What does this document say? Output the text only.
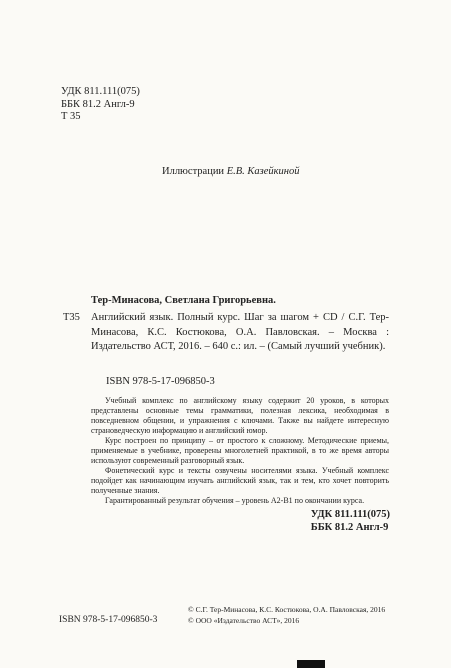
УДК 811.111(075)
ББК 81.2 Англ-9
Т 35
Иллюстрации Е.В. Казейкиной
Тер-Минасова, Светлана Григорьевна.
Т35 Английский язык. Полный курс. Шаг за шагом + CD / С.Г. Тер-Минасова, К.С. Костюкова, О.А. Павловская. – Москва : Издательство АСТ, 2016. – 640 с.: ил. – (Самый лучший учебник).
ISBN 978-5-17-096850-3

Учебный комплекс по английскому языку содержит 20 уроков, в которых представлены основные темы грамматики, полезная лексика, необходимая в повседневном общении, и упражнения с ключами. Также вы найдете интересную страноведческую информацию и английский юмор.

Курс построен по принципу – от простого к сложному. Методические приемы, применяемые в учебнике, проверены многолетней практикой, в то же время авторы используют современный разговорный язык.

Фонетический курс и тексты озвучены носителями языка. Учебный комплекс подойдет как начинающим изучать английский язык, так и тем, кто хочет повторить полученные знания.

Гарантированный результат обучения – уровень А2-В1 по окончании курса.

УДК 811.111(075)
ББК 81.2 Англ-9
ISBN 978-5-17-096850-3
© С.Г. Тер-Минасова, К.С. Костюкова, О.А. Павловская, 2016
© ООО «Издательство АСТ», 2016
